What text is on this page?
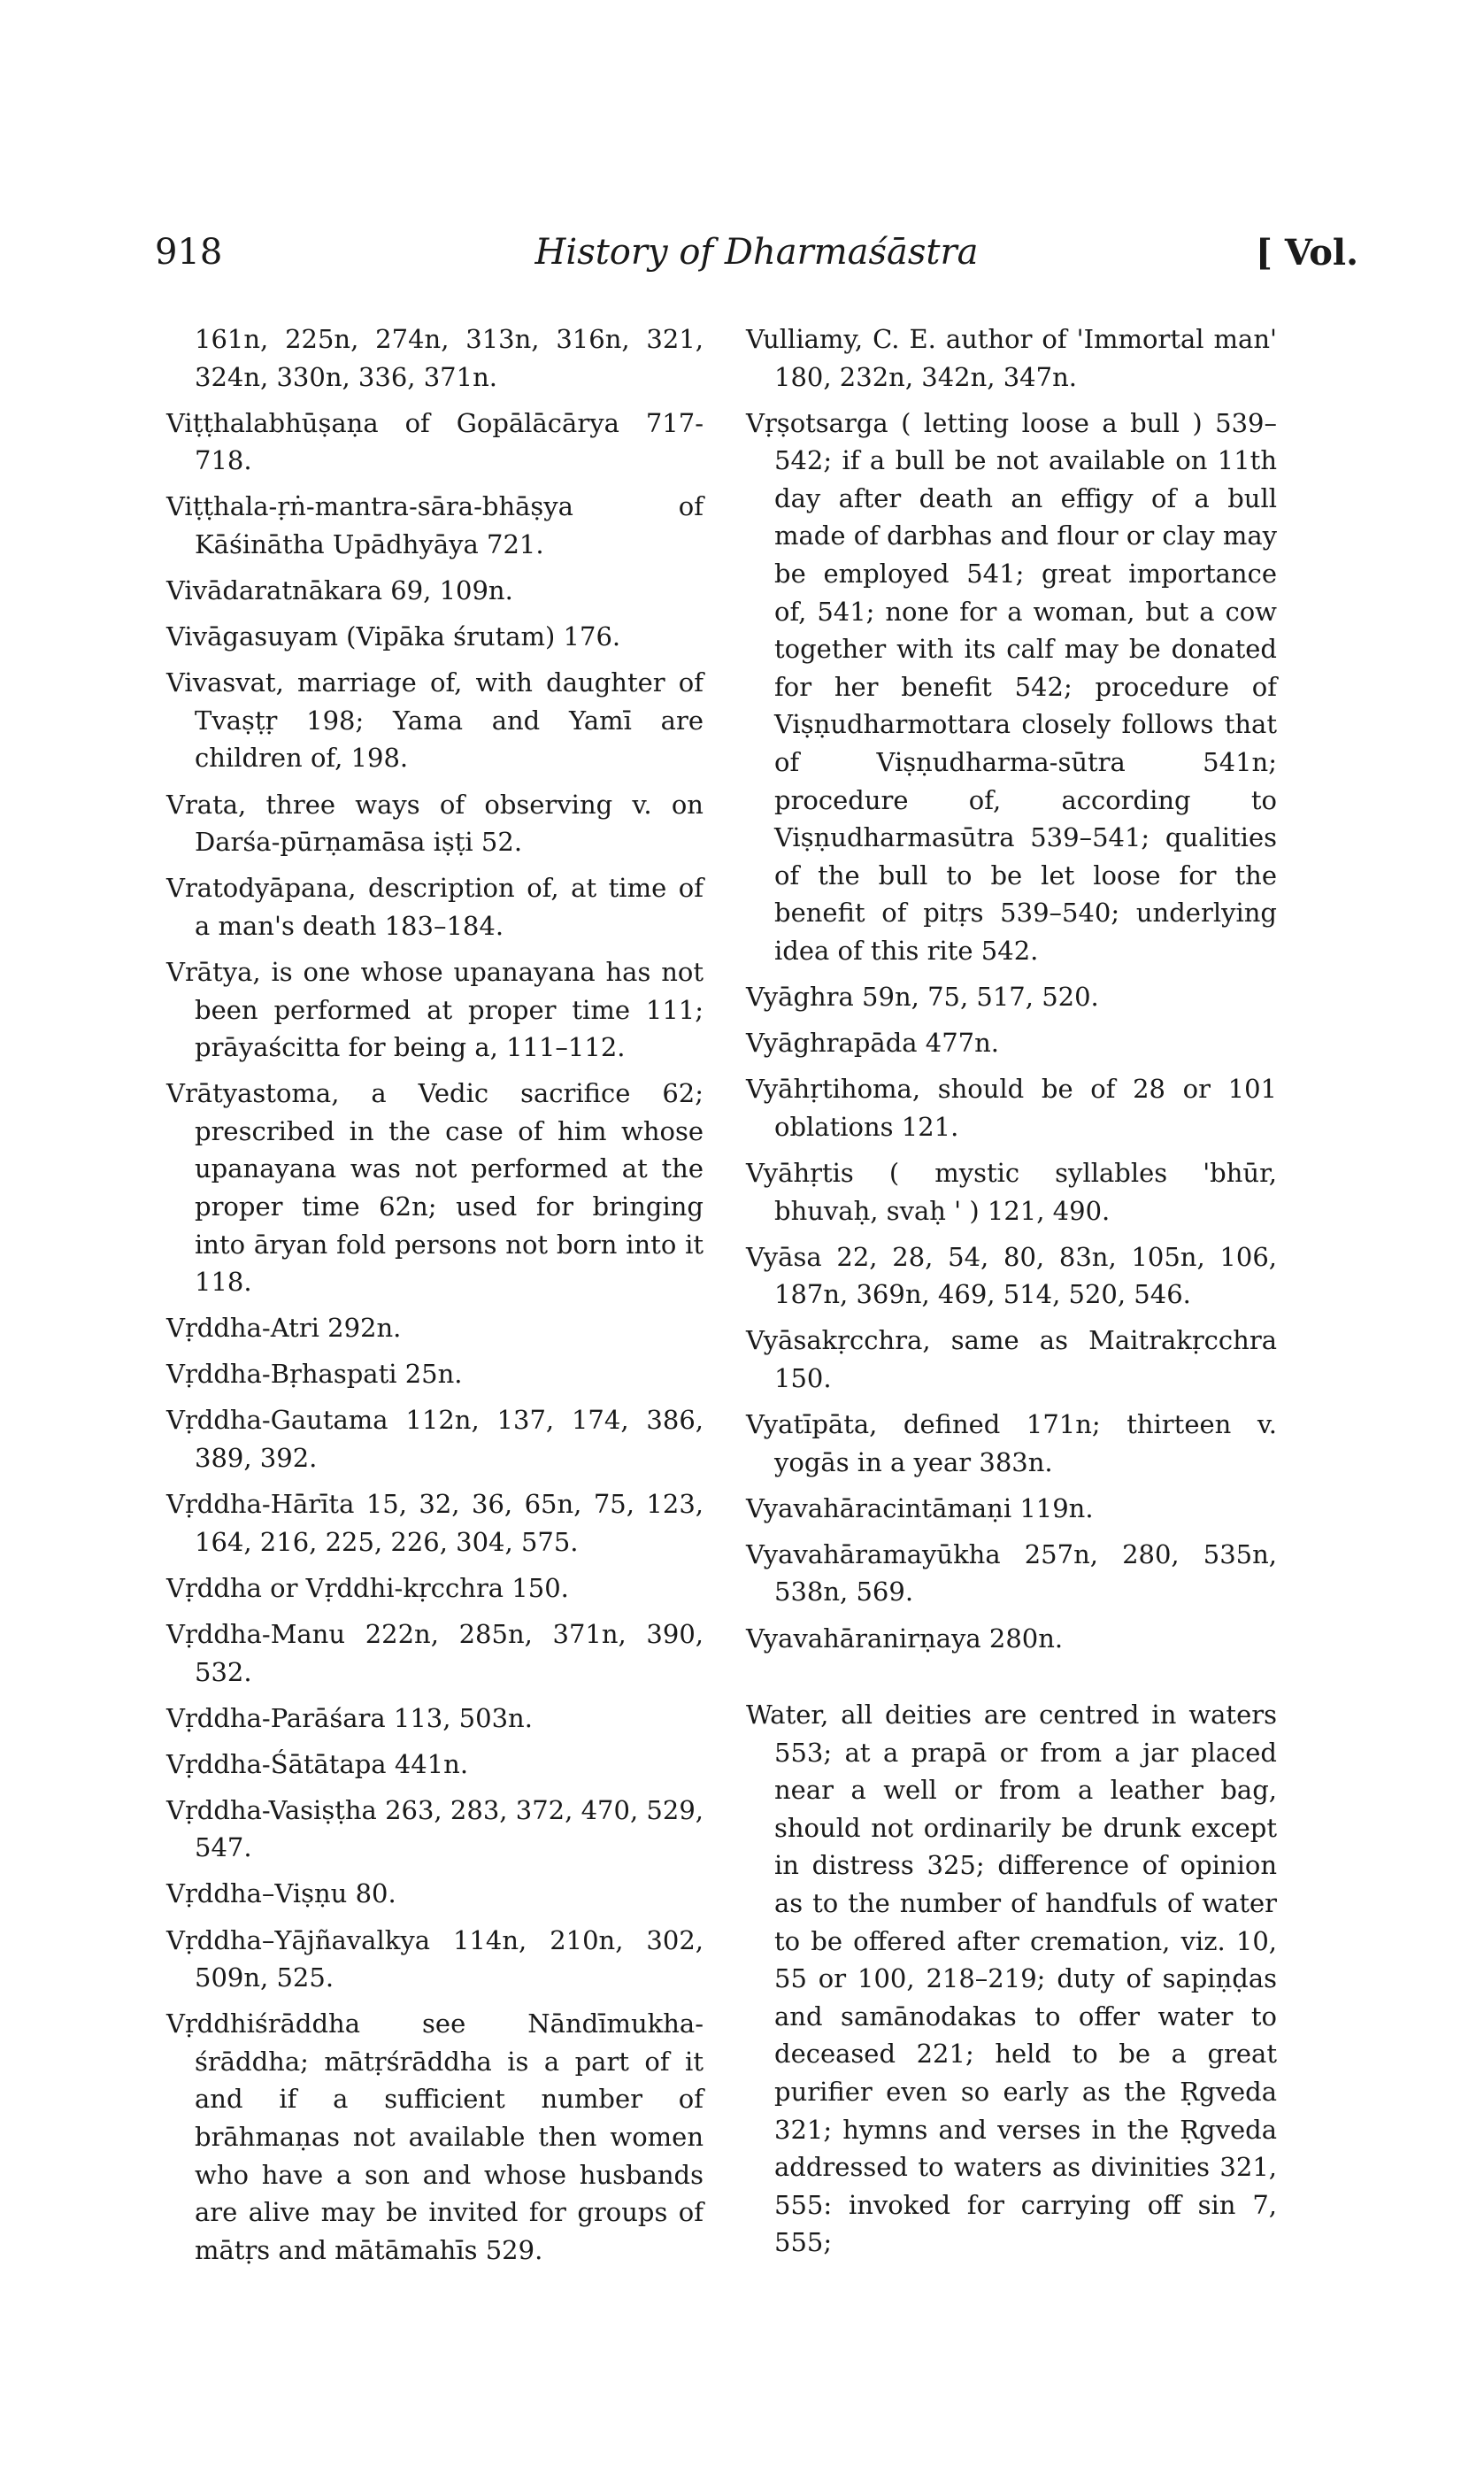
918	History of Dharmaśāstra	[ Vol.
161n, 225n, 274n, 313n, 316n, 321, 324n, 330n, 336, 371n.
Viṭṭhalabhūṣaṇa of Gopālācārya 717-718.
Viṭṭhala-ṛṅ-mantra-sāra-bhāṣya of Kāśinātha Upādhyāya 721.
Vivādaratnākara 69, 109n.
Vivāgasuyam (Vipāka śrutam) 176.
Vivasvat, marriage of, with daughter of Tvaṣṭṛ 198; Yama and Yamī are children of, 198.
Vrata, three ways of observing v. on Darśa-pūrṇamāsa iṣṭi 52.
Vratodyāpana, description of, at time of a man's death 183–184.
Vrātya, is one whose upanayana has not been performed at proper time 111; prāyaścitta for being a, 111–112.
Vrātyastoma, a Vedic sacrifice 62; prescribed in the case of him whose upanayana was not performed at the proper time 62n; used for bringing into āryan fold persons not born into it 118.
Vṛddha-Atri 292n.
Vṛddha-Bṛhaspati 25n.
Vṛddha-Gautama 112n, 137, 174, 386, 389, 392.
Vṛddha-Hārīta 15, 32, 36, 65n, 75, 123, 164, 216, 225, 226, 304, 575.
Vṛddha or Vṛddhi-kṛcchra 150.
Vṛddha-Manu 222n, 285n, 371n, 390, 532.
Vṛddha-Parāśara 113, 503n.
Vṛddha-Śātātapa 441n.
Vṛddha-Vasiṣṭha 263, 283, 372, 470, 529, 547.
Vṛddha–Viṣṇu 80.
Vṛddha–Yājñavalkya 114n, 210n, 302, 509n, 525.
Vṛddhiśrāddha see Nāndīmukha-śrāddha; mātṛśrāddha is a part of it and if a sufficient number of brāhmaṇas not available then women who have a son and whose husbands are alive may be invited for groups of mātṛs and mātāmahīs 529.
Vulliamy, C. E. author of 'Immortal man' 180, 232n, 342n, 347n.
Vṛṣotsarga ( letting loose a bull ) 539–542; if a bull be not available on 11th day after death an effigy of a bull made of darbhas and flour or clay may be employed 541; great importance of, 541; none for a woman, but a cow together with its calf may be donated for her benefit 542; procedure of Viṣṇudharmottara closely follows that of Viṣṇudharma-sūtra 541n; procedure of, according to Viṣṇudharmasūtra 539–541; qualities of the bull to be let loose for the benefit of pitṛs 539–540; underlying idea of this rite 542.
Vyāghra 59n, 75, 517, 520.
Vyāghrapāda 477n.
Vyāhṛtihoma, should be of 28 or 101 oblations 121.
Vyāhṛtis ( mystic syllables 'bhūr, bhuvaḥ, svaḥ ' ) 121, 490.
Vyāsa 22, 28, 54, 80, 83n, 105n, 106, 187n, 369n, 469, 514, 520, 546.
Vyāsakṛcchra, same as Maitrakṛcchra 150.
Vyatīpāta, defined 171n; thirteen v. yogās in a year 383n.
Vyavahāracintāmaṇi 119n.
Vyavahāramayūkha 257n, 280, 535n, 538n, 569.
Vyavahāranirṇaya 280n.
Water, all deities are centred in waters 553; at a prapā or from a jar placed near a well or from a leather bag, should not ordinarily be drunk except in distress 325; difference of opinion as to the number of handfuls of water to be offered after cremation, viz. 10, 55 or 100, 218–219; duty of sapiṇḍas and samānodakas to offer water to deceased 221; held to be a great purifier even so early as the Ṛgveda 321; hymns and verses in the Ṛgveda addressed to waters as divinities 321, 555: invoked for carrying off sin 7, 555;
